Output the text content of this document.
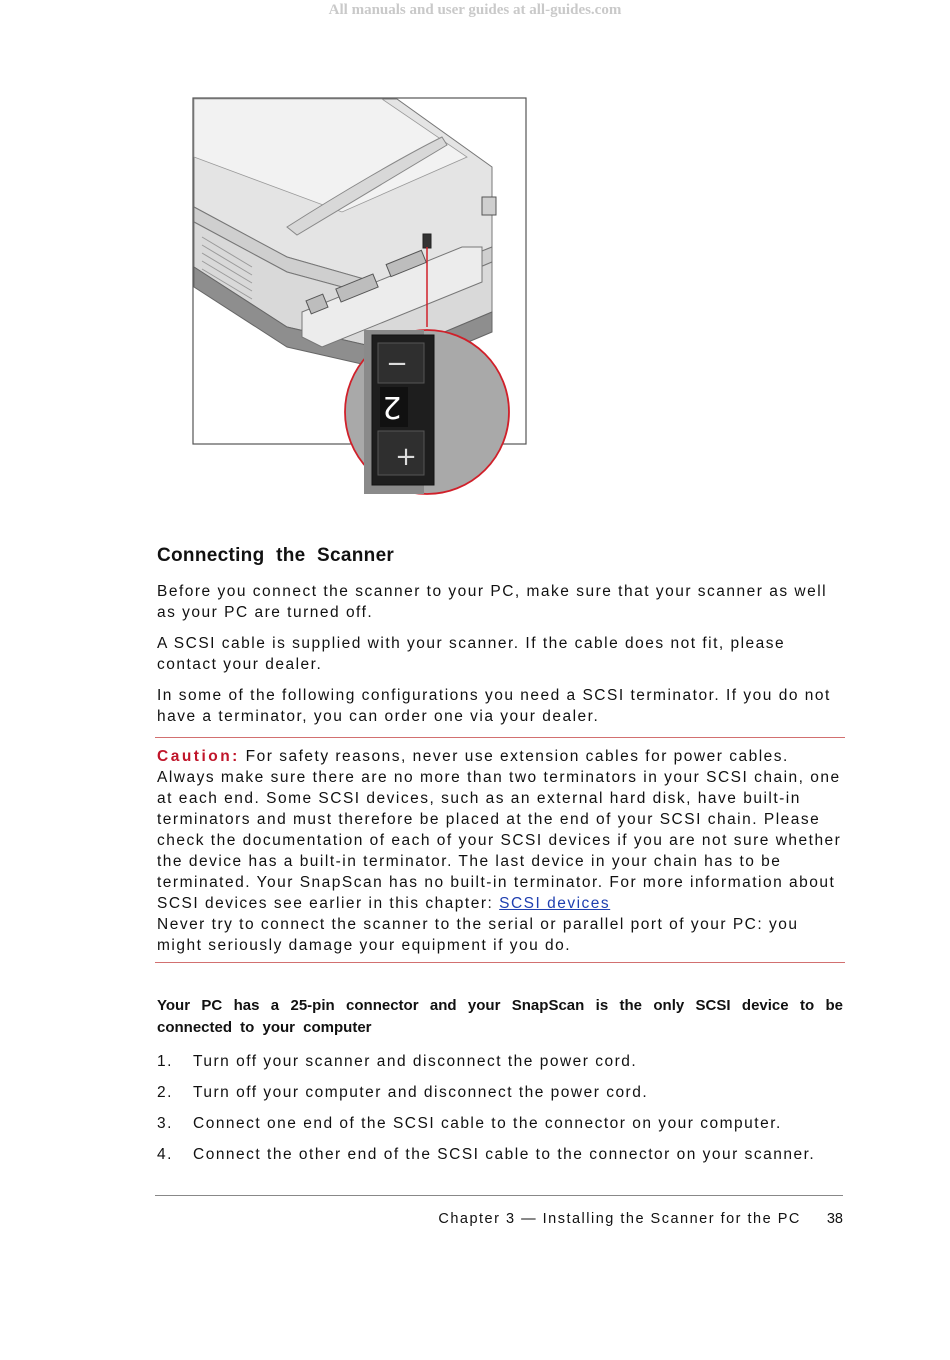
All manuals and user guides at all-guides.com
−
2
+
Connecting the Scanner

Before you connect the scanner to your PC, make sure that your scanner as well as your PC are turned off.

A SCSI cable is supplied with your scanner. If the cable does not fit, please contact your dealer.

In some of the following configurations you need a SCSI terminator. If you do not have a terminator, you can order one via your dealer.

Caution: For safety reasons, never use extension cables for power cables. Always make sure there are no more than two terminators in your SCSI chain, one at each end. Some SCSI devices, such as an external hard disk, have built-in terminators and must therefore be placed at the end of your SCSI chain. Please check the documentation of each of your SCSI devices if you are not sure whether the device has a built-in terminator. The last device in your chain has to be terminated. Your SnapScan has no built-in terminator. For more information about SCSI devices see earlier in this chapter: SCSI devices
Never try to connect the scanner to the serial or parallel port of your PC: you might seriously damage your equipment if you do.
Your PC has a 25-pin connector and your SnapScan is the only SCSI device to be connected to your computer
1.	Turn off your scanner and disconnect the power cord.
2.	Turn off your computer and disconnect the power cord.
3.	Connect one end of the SCSI cable to the connector on your computer.
4.	Connect the other end of the SCSI cable to the connector on your scanner.
Chapter 3 — Installing the Scanner for the PC 38
